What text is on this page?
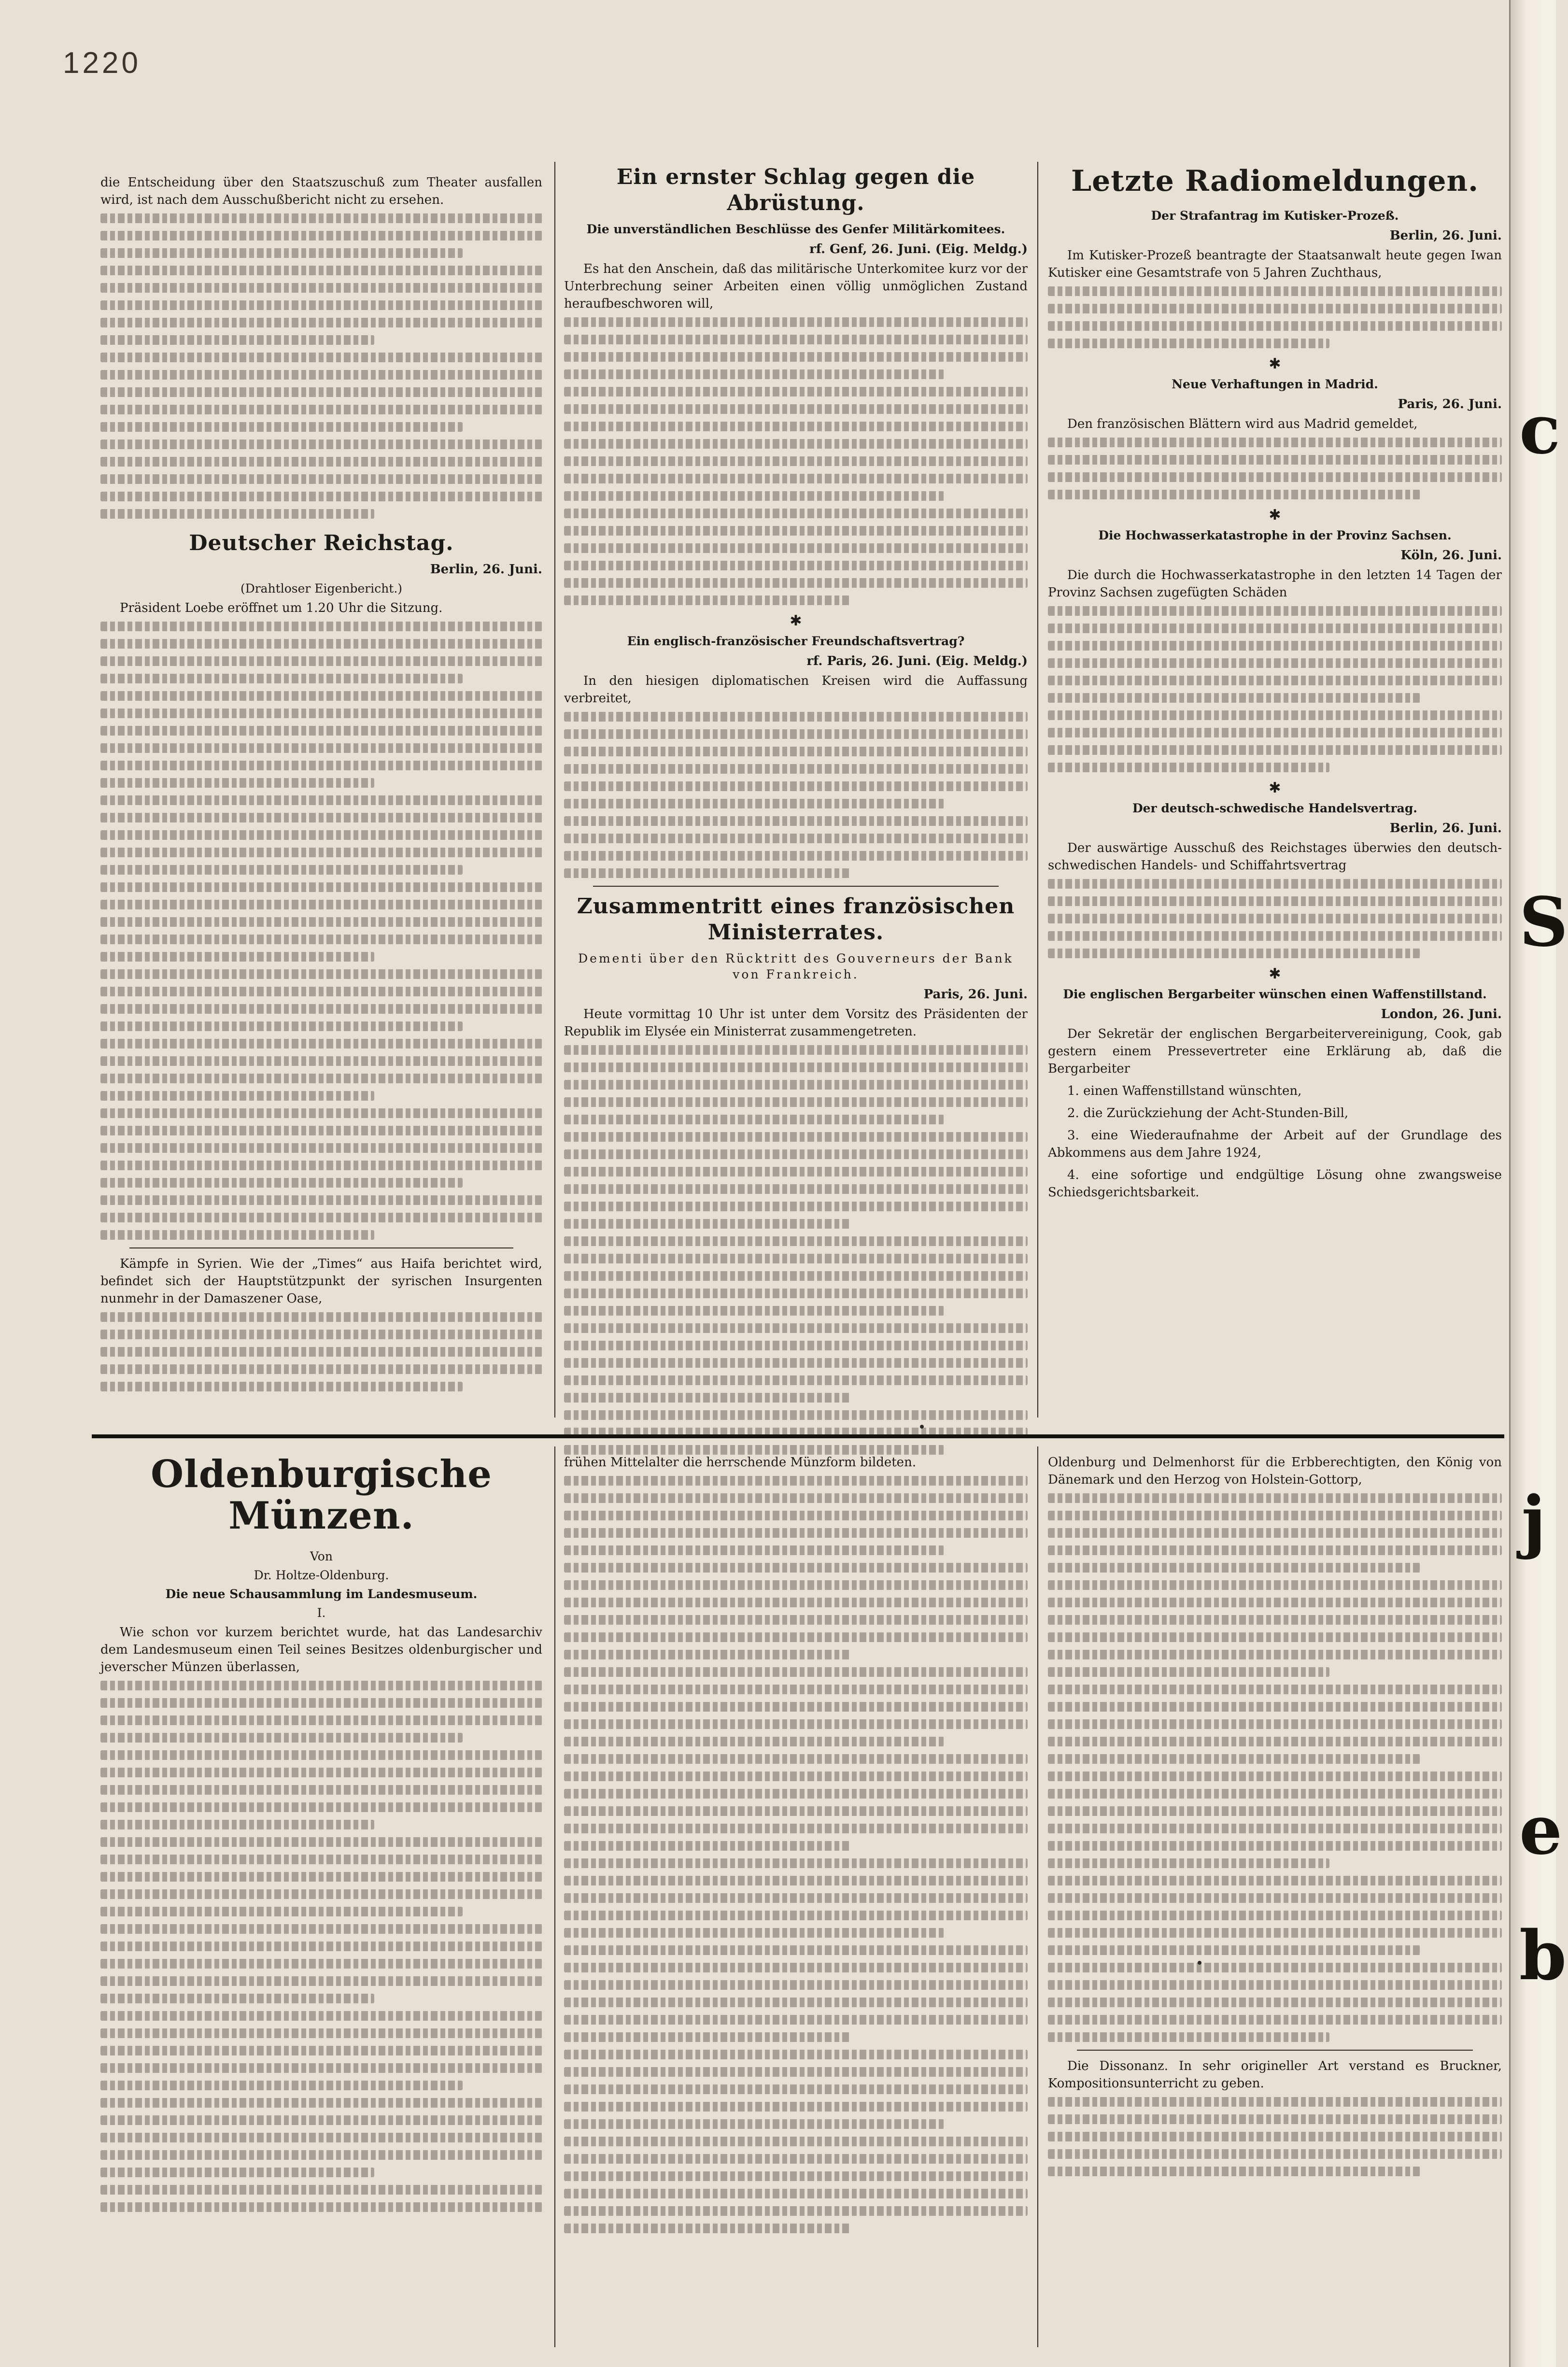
1220
c
S
j
e
b

die Entscheidung über den Staatszuschuß zum Theater ausfallen wird, ist nach dem Ausschußbericht nicht zu ersehen.

Deutscher Reichstag.
Berlin, 26. Juni.
(Drahtloser Eigenbericht.)

Präsident Loebe eröffnet um 1.20 Uhr die Sitzung.

Kämpfe in Syrien. Wie der „Times“ aus Haifa berichtet wird, befindet sich der Hauptstützpunkt der syrischen Insurgenten nunmehr in der Damaszener Oase,

Ein ernster Schlag gegen die Abrüstung.
Die unverständlichen Beschlüsse des Genfer Militärkomitees.
rf. Genf, 26. Juni. (Eig. Meldg.)

Es hat den Anschein, daß das militärische Unterkomitee kurz vor der Unterbrechung seiner Arbeiten einen völlig unmöglichen Zustand heraufbeschworen will,

✱
Ein englisch-französischer Freundschaftsvertrag?
rf. Paris, 26. Juni. (Eig. Meldg.)

In den hiesigen diplomatischen Kreisen wird die Auffassung verbreitet,

Zusammentritt eines französischen Ministerrates.
Dementi über den Rücktritt des Gouverneurs der Bank von Frankreich.
Paris, 26. Juni.

Heute vormittag 10 Uhr ist unter dem Vorsitz des Präsidenten der Republik im Elysée ein Ministerrat zusammengetreten.

Letzte Radiomeldungen.
Der Strafantrag im Kutisker-Prozeß.
Berlin, 26. Juni.

Im Kutisker-Prozeß beantragte der Staatsanwalt heute gegen Iwan Kutisker eine Gesamtstrafe von 5 Jahren Zuchthaus,

✱
Neue Verhaftungen in Madrid.
Paris, 26. Juni.

Den französischen Blättern wird aus Madrid gemeldet,

✱
Die Hochwasserkatastrophe in der Provinz Sachsen.
Köln, 26. Juni.

Die durch die Hochwasserkatastrophe in den letzten 14 Tagen der Provinz Sachsen zugefügten Schäden

✱
Der deutsch-schwedische Handelsvertrag.
Berlin, 26. Juni.

Der auswärtige Ausschuß des Reichstages überwies den deutsch-schwedischen Handels- und Schiffahrtsvertrag

✱
Die englischen Bergarbeiter wünschen einen Waffenstillstand.
London, 26. Juni.

Der Sekretär der englischen Bergarbeitervereinigung, Cook, gab gestern einem Pressevertreter eine Erklärung ab, daß die Bergarbeiter

1. einen Waffenstillstand wünschten,

2. die Zurückziehung der Acht-Stunden-Bill,

3. eine Wiederaufnahme der Arbeit auf der Grundlage des Abkommens aus dem Jahre 1924,

4. eine sofortige und endgültige Lösung ohne zwangsweise Schiedsgerichtsbarkeit.

Oldenburgische Münzen.
Von
Dr. Holtze-Oldenburg.
Die neue Schausammlung im Landesmuseum.
I.

Wie schon vor kurzem berichtet wurde, hat das Landesarchiv dem Landesmuseum einen Teil seines Besitzes oldenburgischer und jeverscher Münzen überlassen,

frühen Mittelalter die herrschende Münzform bildeten.	Oldenburg und Delmenhorst für die Erbberechtigten, den König von Dänemark und den Herzog von Holstein-Gottorp,

Die Dissonanz. In sehr origineller Art verstand es Bruckner, Kompositionsunterricht zu geben.
